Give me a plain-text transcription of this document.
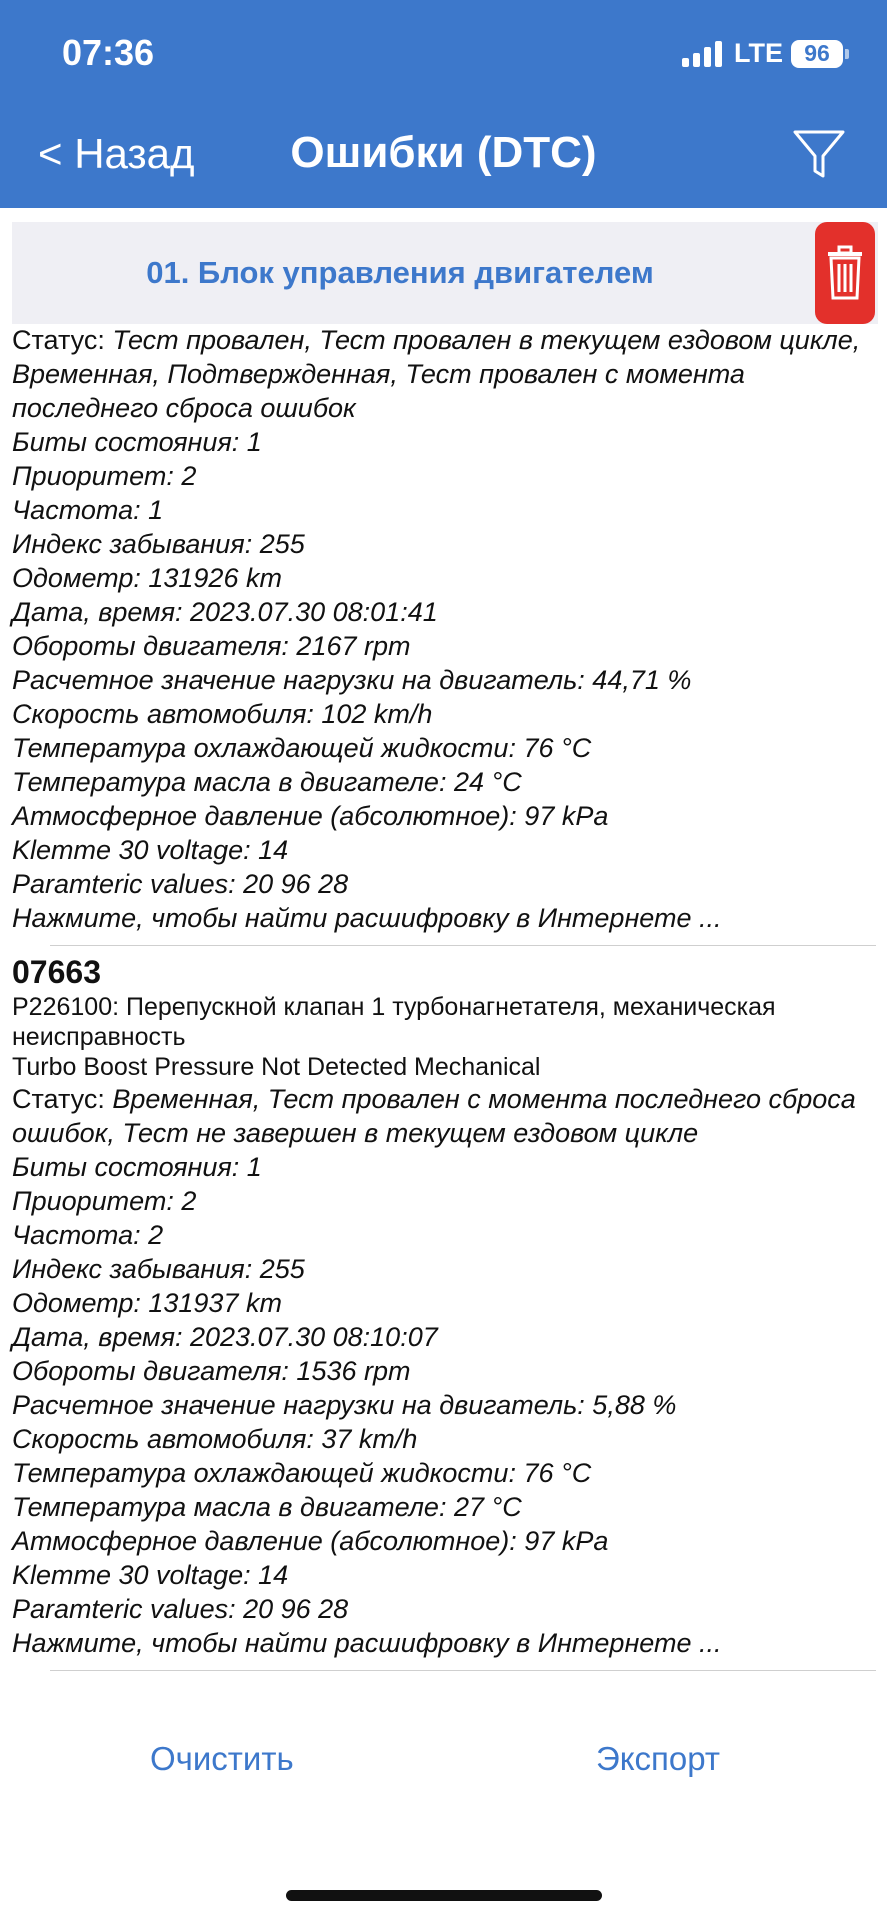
07:36	LTE 96
< Назад	Ошибки (DTC)
01. Блок управления двигателем
Статус: Тест провален, Тест провален в текущем ездовом цикле, Временная, Подтвержденная, Тест провален с момента последнего сброса ошибок
Биты состояния: 1
Приоритет: 2
Частота: 1
Индекс забывания: 255
Одометр: 131926 km
Дата, время: 2023.07.30 08:01:41
Обороты двигателя: 2167 rpm
Расчетное значение нагрузки на двигатель: 44,71 %
Скорость автомобиля: 102 km/h
Температура охлаждающей жидкости: 76 °C
Температура масла в двигателе: 24 °C
Атмосферное давление (абсолютное): 97 kPa
Klemme 30 voltage: 14
Paramteric values: 20 96 28
Нажмите, чтобы найти расшифровку в Интернете ...
07663
P226100: Перепускной клапан 1 турбонагнетателя, механическая неисправность
Turbo Boost Pressure Not Detected Mechanical
Статус: Временная, Тест провален с момента последнего сброса ошибок, Тест не завершен в текущем ездовом цикле
Биты состояния: 1
Приоритет: 2
Частота: 2
Индекс забывания: 255
Одометр: 131937 km
Дата, время: 2023.07.30 08:10:07
Обороты двигателя: 1536 rpm
Расчетное значение нагрузки на двигатель: 5,88 %
Скорость автомобиля: 37 km/h
Температура охлаждающей жидкости: 76 °C
Температура масла в двигателе: 27 °C
Атмосферное давление (абсолютное): 97 kPa
Klemme 30 voltage: 14
Paramteric values: 20 96 28
Нажмите, чтобы найти расшифровку в Интернете ...
Очистить	Экспорт
